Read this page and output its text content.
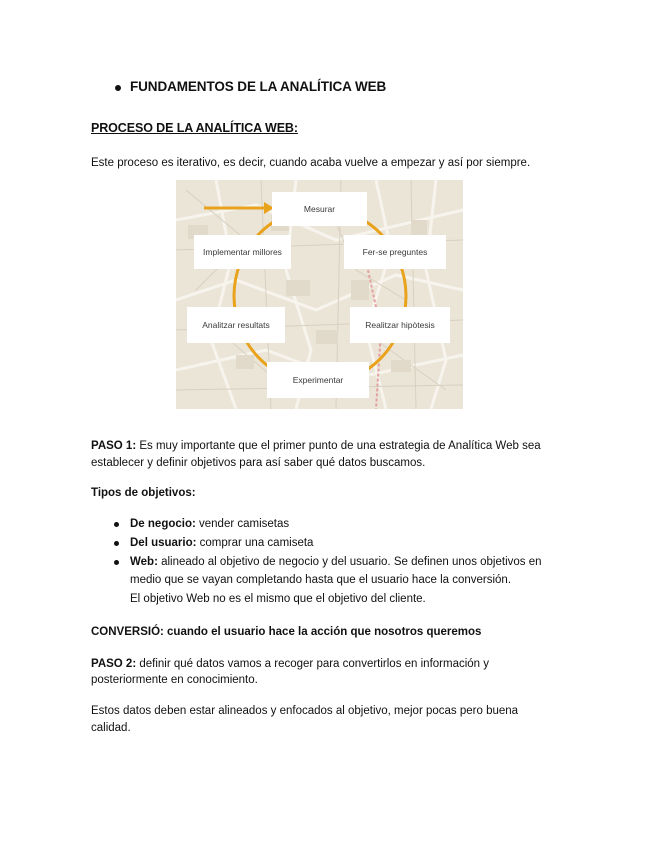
FUNDAMENTOS DE LA ANALÍTICA WEB
PROCESO DE LA ANALÍTICA WEB:
Este proceso es iterativo, es decir, cuando acaba vuelve a empezar y así por siempre.
Mesurar
Fer-se preguntes
Realitzar hipòtesis
Experimentar
Analitzar resultats
Implementar millores
PASO 1: Es muy importante que el primer punto de una estrategia de Analítica Web sea
establecer y definir objetivos para así saber qué datos buscamos.
Tipos de objetivos:
De negocio: vender camisetas
Del usuario: comprar una camiseta
Web: alineado al objetivo de negocio y del usuario. Se definen unos objetivos en
medio que se vayan completando hasta que el usuario hace la conversión.
El objetivo Web no es el mismo que el objetivo del cliente.
CONVERSIÓ: cuando el usuario hace la acción que nosotros queremos
PASO 2: definir qué datos vamos a recoger para convertirlos en información y
posteriormente en conocimiento.
Estos datos deben estar alineados y enfocados al objetivo, mejor pocas pero buena
calidad.
